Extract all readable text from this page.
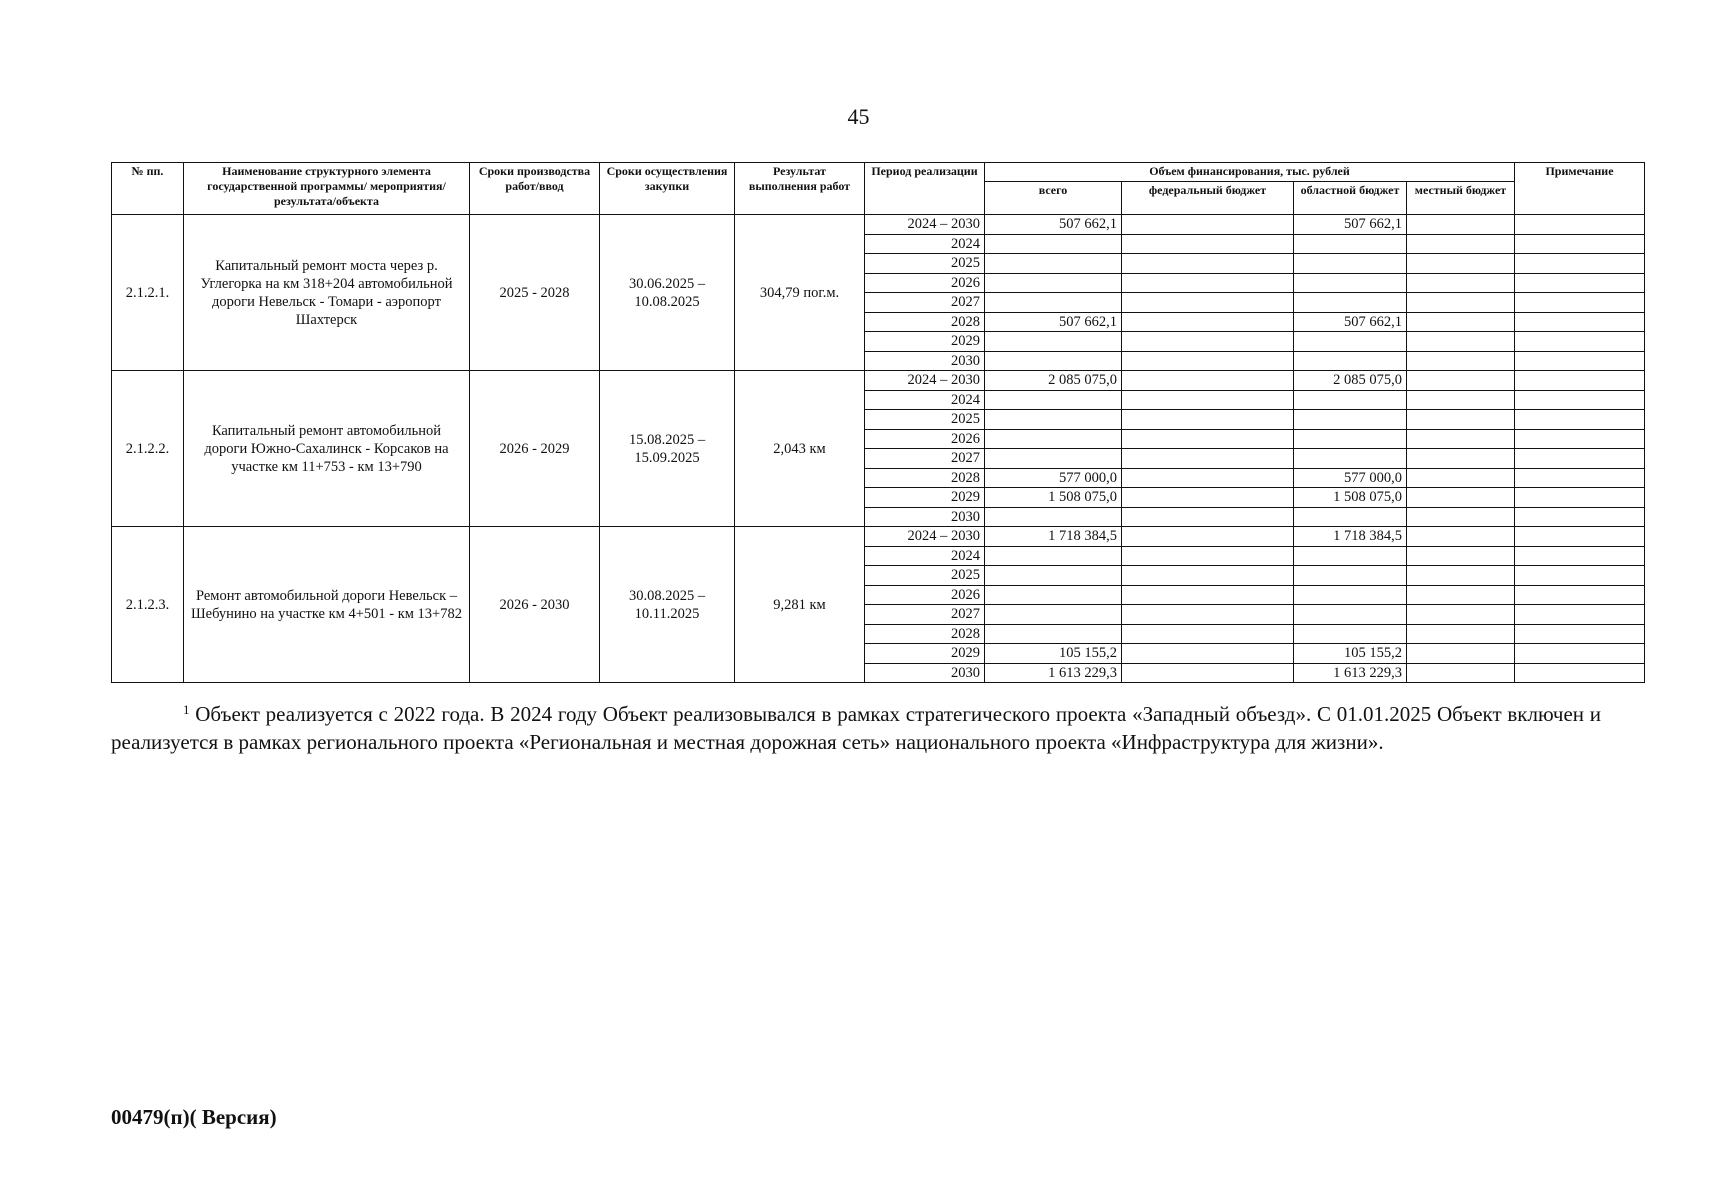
45
№ пп.	Наименование структурного элемента государственной программы/ мероприятия/результата/объекта	Сроки производства работ/ввод	Сроки осуществления закупки	Результат выполнения работ	Период реализации	Объем финансирования, тыс. рублей				Примечание
						всего	федеральный бюджет	областной бюджет	местный бюджет	
2.1.2.1.	Капитальный ремонт моста через р. Углегорка на км 318+204 автомобильной дороги Невельск - Томари - аэропорт Шахтерск	2025 - 2028	30.06.2025 – 10.08.2025	304,79 пог.м.	2024 – 2030	507 662,1		507 662,1		
					2024					
					2025					
					2026					
					2027					
					2028	507 662,1		507 662,1		
					2029					
					2030					
2.1.2.2.	Капитальный ремонт автомобильной дороги Южно-Сахалинск - Корсаков на участке км 11+753 - км 13+790	2026 - 2029	15.08.2025 – 15.09.2025	2,043 км	2024 – 2030	2 085 075,0		2 085 075,0		
					2024					
					2025					
					2026					
					2027					
					2028	577 000,0		577 000,0		
					2029	1 508 075,0		1 508 075,0		
					2030					
2.1.2.3.	Ремонт автомобильной дороги Невельск – Шебунино на участке км 4+501 - км 13+782	2026 - 2030	30.08.2025 – 10.11.2025	9,281 км	2024 – 2030	1 718 384,5		1 718 384,5		
					2024					
					2025					
					2026					
					2027					
					2028					
					2029	105 155,2		105 155,2		
					2030	1 613 229,3		1 613 229,3		
$^1$ Объект реализуется с 2022 года. В 2024 году Объект реализовывался в рамках стратегического проекта «Западный объезд». С 01.01.2025 Объект включен и реализуется в рамках регионального проекта «Региональная и местная дорожная сеть» национального проекта «Инфраструктура для жизни».
00479(п)( Версия)
